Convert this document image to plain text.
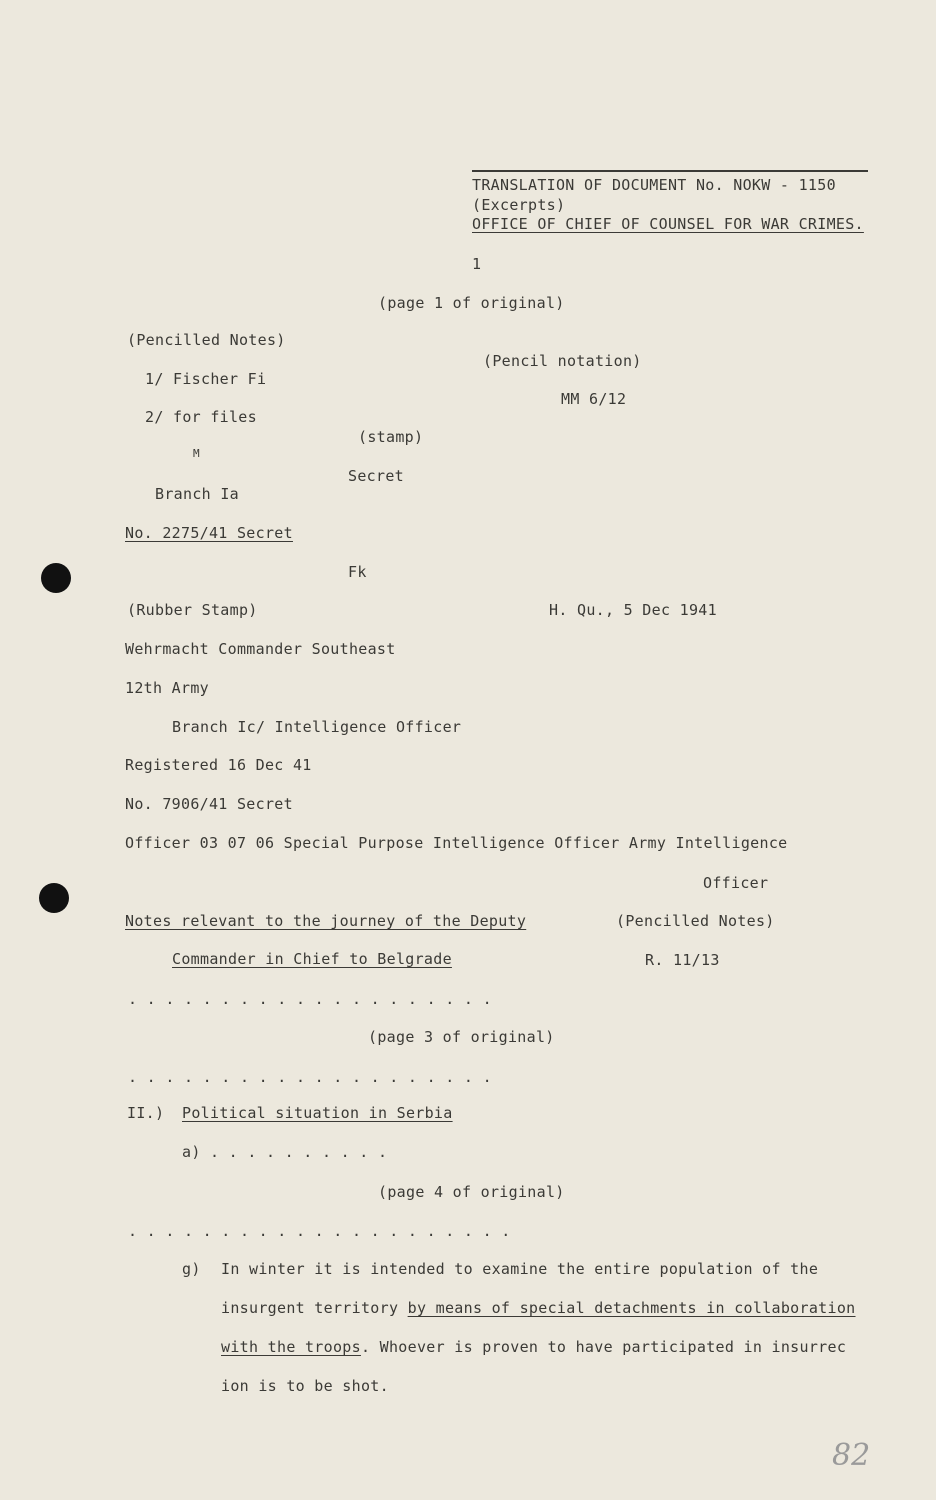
TRANSLATION OF DOCUMENT No. NOKW - 1150
(Excerpts)
OFFICE OF CHIEF OF COUNSEL FOR WAR CRIMES.
1
(page 1 of original)
(Pencilled Notes)
(Pencil notation)
1/ Fischer Fi
MM 6/12
2/ for files
(stamp)
M
Secret
Branch Ia
No. 2275/41 Secret
Fk
(Rubber Stamp)	H. Qu., 5 Dec 1941
Wehrmacht Commander Southeast
12th Army
Branch Ic/ Intelligence Officer
Registered 16 Dec 41
No. 7906/41 Secret
Officer 03 07 06 Special Purpose Intelligence Officer Army Intelligence
Officer
Notes relevant to the journey of the Deputy	(Pencilled Notes)
Commander in Chief to Belgrade	R. 11/13
. . . . . . . . . . . . . . . . . . . .
(page 3 of original)
. . . . . . . . . . . . . . . . . . . .
II.) Political situation in Serbia
a) . . . . . . . . . .
(page 4 of original)
. . . . . . . . . . . . . . . . . . . . .
g) In winter it is intended to examine the entire population of the
insurgent territory by means of special detachments in collaboration
with the troops. Whoever is proven to have participated in insurrec
ion is to be shot.
82
